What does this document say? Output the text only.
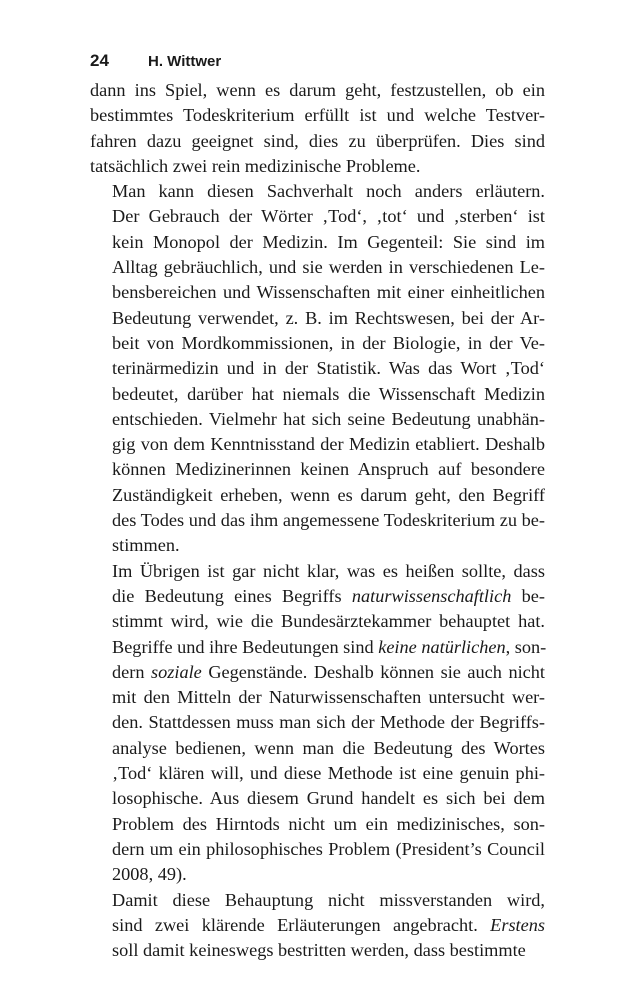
24	H. Wittwer

dann ins Spiel, wenn es darum geht, festzustellen, ob ein
bestimmtes Todeskriterium erfüllt ist und welche Testver-
fahren dazu geeignet sind, dies zu überprüfen. Dies sind
tatsächlich zwei rein medizinische Probleme.

Man kann diesen Sachverhalt noch anders erläutern.
Der Gebrauch der Wörter ‚Tod‘, ‚tot‘ und ‚sterben‘ ist
kein Monopol der Medizin. Im Gegenteil: Sie sind im
Alltag gebräuchlich, und sie werden in verschiedenen Le-
bensbereichen und Wissenschaften mit einer einheitlichen
Bedeutung verwendet, z. B. im Rechtswesen, bei der Ar-
beit von Mordkommissionen, in der Biologie, in der Ve-
terinärmedizin und in der Statistik. Was das Wort ‚Tod‘
bedeutet, darüber hat niemals die Wissenschaft Medizin
entschieden. Vielmehr hat sich seine Bedeutung unabhän-
gig von dem Kenntnisstand der Medizin etabliert. Deshalb
können Medizinerinnen keinen Anspruch auf besondere
Zuständigkeit erheben, wenn es darum geht, den Begriff
des Todes und das ihm angemessene Todeskriterium zu be-
stimmen.

Im Übrigen ist gar nicht klar, was es heißen sollte, dass
die Bedeutung eines Begriffs naturwissenschaftlich be-
stimmt wird, wie die Bundesärztekammer behauptet hat.
Begriffe und ihre Bedeutungen sind keine natürlichen, son-
dern soziale Gegenstände. Deshalb können sie auch nicht
mit den Mitteln der Naturwissenschaften untersucht wer-
den. Stattdessen muss man sich der Methode der Begriffs-
analyse bedienen, wenn man die Bedeutung des Wortes
‚Tod‘ klären will, und diese Methode ist eine genuin phi-
losophische. Aus diesem Grund handelt es sich bei dem
Problem des Hirntods nicht um ein medizinisches, son-
dern um ein philosophisches Problem (President’s Council
2008, 49).

Damit diese Behauptung nicht missverstanden wird,
sind zwei klärende Erläuterungen angebracht. Erstens
soll damit keineswegs bestritten werden, dass bestimmte
